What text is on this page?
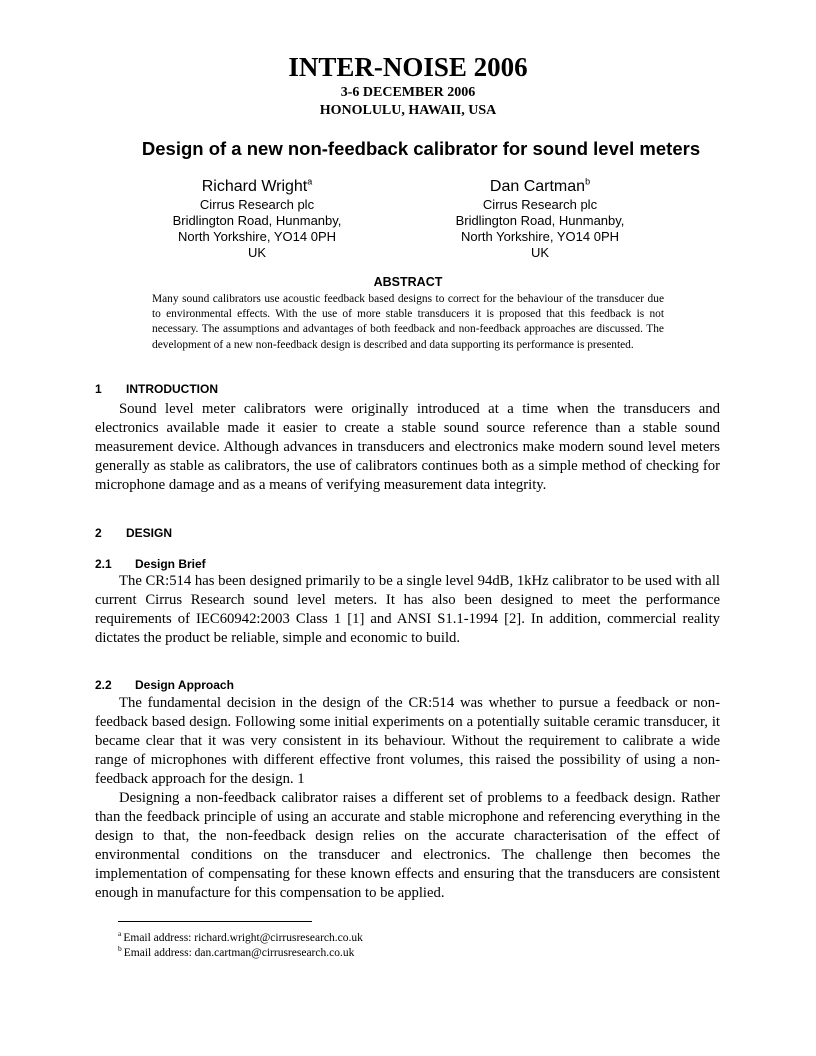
INTER-NOISE 2006
3-6 DECEMBER 2006
HONOLULU, HAWAII, USA
Design of a new non-feedback calibrator for sound level meters
Richard Wright$^a$
Cirrus Research plc
Bridlington Road, Hunmanby,
North Yorkshire, YO14 0PH
UK
Dan Cartman$^b$
Cirrus Research plc
Bridlington Road, Hunmanby,
North Yorkshire, YO14 0PH
UK
ABSTRACT
Many sound calibrators use acoustic feedback based designs to correct for the behaviour of the transducer due to environmental effects. With the use of more stable transducers it is proposed that this feedback is not necessary. The assumptions and advantages of both feedback and non-feedback approaches are discussed. The development of a new non-feedback design is described and data supporting its performance is presented.
1 INTRODUCTION

Sound level meter calibrators were originally introduced at a time when the transducers and electronics available made it easier to create a stable sound source reference than a stable sound measurement device. Although advances in transducers and electronics make modern sound level meters generally as stable as calibrators, the use of calibrators continues both as a simple method of checking for microphone damage and as a means of verifying measurement data integrity.

2 DESIGN
2.1 Design Brief

The CR:514 has been designed primarily to be a single level 94dB, 1kHz calibrator to be used with all current Cirrus Research sound level meters. It has also been designed to meet the performance requirements of IEC60942:2003 Class 1 [1] and ANSI S1.1-1994 [2]. In addition, commercial reality dictates the product be reliable, simple and economic to build.

2.2 Design Approach

The fundamental decision in the design of the CR:514 was whether to pursue a feedback or non-feedback based design. Following some initial experiments on a potentially suitable ceramic transducer, it became clear that it was very consistent in its behaviour. Without the requirement to calibrate a wide range of microphones with different effective front volumes, this raised the possibility of using a non-feedback approach for the design. 1

Designing a non-feedback calibrator raises a different set of problems to a feedback design. Rather than the feedback principle of using an accurate and stable microphone and referencing everything in the design to that, the non-feedback design relies on the accurate characterisation of the effect of environmental conditions on the transducer and electronics. The challenge then becomes the implementation of compensating for these known effects and ensuring that the transducers are consistent enough in manufacture for this compensation to be applied.

$^a$ Email address: richard.wright@cirrusresearch.co.uk
$^b$ Email address: dan.cartman@cirrusresearch.co.uk
